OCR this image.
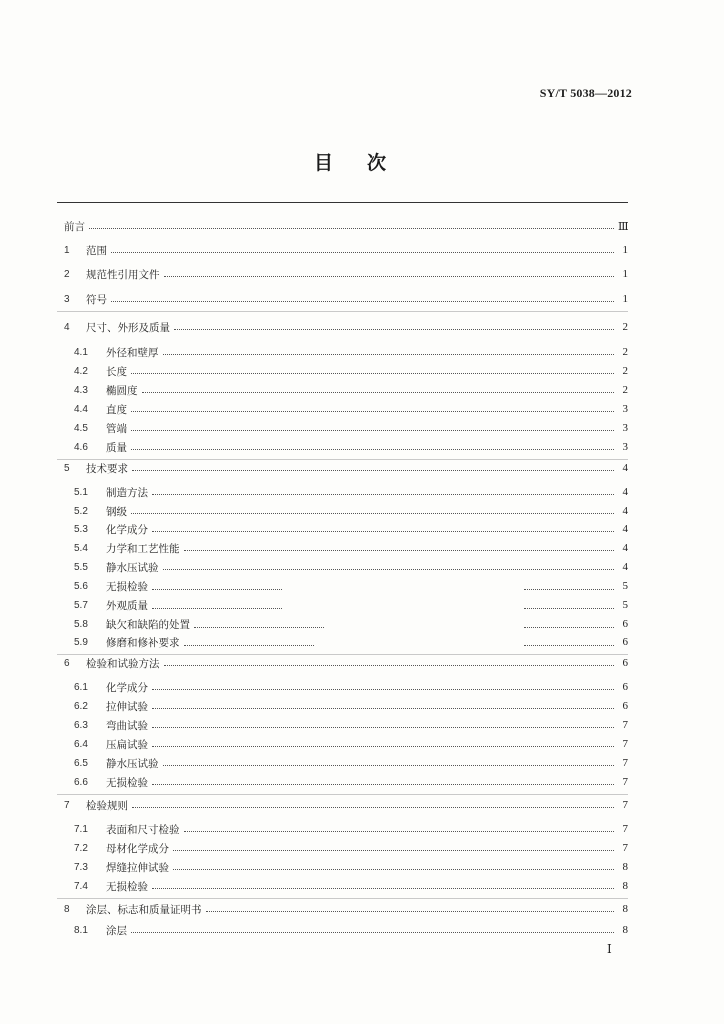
SY/T 5038—2012
目 次
前言	Ⅲ
1	范围	1
2	规范性引用文件	1
3	符号	1
4	尺寸、外形及质量	2
4.1	外径和壁厚	2
4.2	长度	2
4.3	椭圆度	2
4.4	直度	3
4.5	管端	3
4.6	质量	3
5	技术要求	4
5.1	制造方法	4
5.2	钢级	4
5.3	化学成分	4
5.4	力学和工艺性能	4
5.5	静水压试验	4
5.6	无损检验	5
5.7	外观质量	5
5.8	缺欠和缺陷的处置	6
5.9	修磨和修补要求	6
6	检验和试验方法	6
6.1	化学成分	6
6.2	拉伸试验	6
6.3	弯曲试验	7
6.4	压扁试验	7
6.5	静水压试验	7
6.6	无损检验	7
7	检验规则	7
7.1	表面和尺寸检验	7
7.2	母材化学成分	7
7.3	焊缝拉伸试验	8
7.4	无损检验	8
8	涂层、标志和质量证明书	8
8.1	涂层	8
Ⅰ
